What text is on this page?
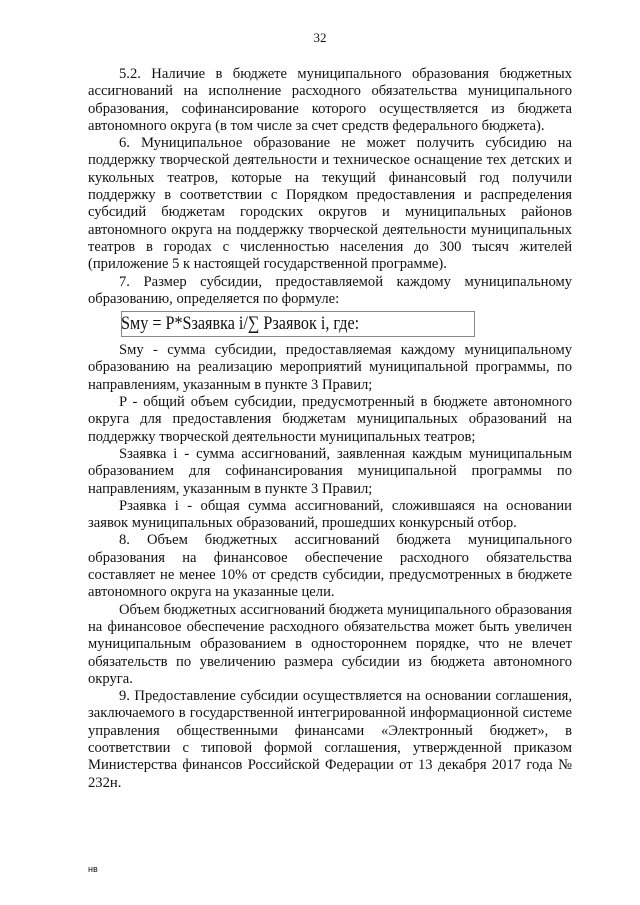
32

5.2. Наличие в бюджете муниципального образования бюджетных ассигнований на исполнение расходного обязательства муниципального образования, софинансирование которого осуществляется из бюджета автономного округа (в том числе за счет средств федерального бюджета).

6. Муниципальное образование не может получить субсидию на поддержку творческой деятельности и техническое оснащение тех детских и кукольных театров, которые на текущий финансовый год получили поддержку в соответствии с Порядком предоставления и распределения субсидий бюджетам городских округов и муниципальных районов автономного округа на поддержку творческой деятельности муниципальных театров в городах с численностью населения до 300 тысяч жителей (приложение 5 к настоящей государственной программе).

7. Размер субсидии, предоставляемой каждому муниципальному образованию, определяется по формуле:

Sму = P*Sзаявка i/∑ Pзаявок i, где:

Sму - сумма субсидии, предоставляемая каждому муниципальному образованию на реализацию мероприятий муниципальной программы, по направлениям, указанным в пункте 3 Правил;

P - общий объем субсидии, предусмотренный в бюджете автономного округа для предоставления бюджетам муниципальных образований на поддержку творческой деятельности муниципальных театров;

Sзаявка i - сумма ассигнований, заявленная каждым муниципальным образованием для софинансирования муниципальной программы по направлениям, указанным в пункте 3 Правил;

Pзаявка i - общая сумма ассигнований, сложившаяся на основании заявок муниципальных образований, прошедших конкурсный отбор.

8. Объем бюджетных ассигнований бюджета муниципального образования на финансовое обеспечение расходного обязательства составляет не менее 10% от средств субсидии, предусмотренных в бюджете автономного округа на указанные цели.

Объем бюджетных ассигнований бюджета муниципального образования на финансовое обеспечение расходного обязательства может быть увеличен муниципальным образованием в одностороннем порядке, что не влечет обязательств по увеличению размера субсидии из бюджета автономного округа.

9. Предоставление субсидии осуществляется на основании соглашения, заключаемого в государственной интегрированной информационной системе управления общественными финансами «Электронный бюджет», в соответствии с типовой формой соглашения, утвержденной приказом Министерства финансов Российской Федерации от 13 декабря 2017 года № 232н.

нв
